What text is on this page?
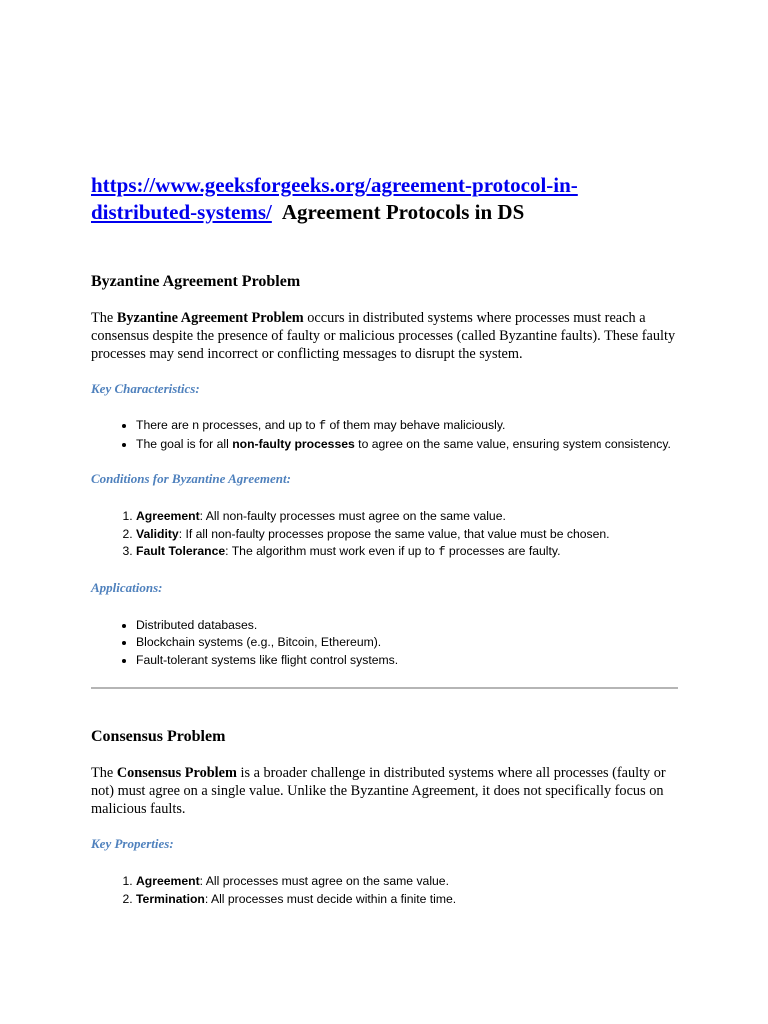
https://www.geeksforgeeks.org/agreement-protocol-in-
distributed-systems/ Agreement Protocols in DS

Byzantine Agreement Problem

The Byzantine Agreement Problem occurs in distributed systems where processes must reach a consensus despite the presence of faulty or malicious processes (called Byzantine faults). These faulty processes may send incorrect or conflicting messages to disrupt the system.

Key Characteristics:
• There are n processes, and up to f of them may behave maliciously.
• The goal is for all non-faulty processes to agree on the same value, ensuring system consistency.
Conditions for Byzantine Agreement:
1. Agreement: All non-faulty processes must agree on the same value.
2. Validity: If all non-faulty processes propose the same value, that value must be chosen.
3. Fault Tolerance: The algorithm must work even if up to f processes are faulty.
Applications:
• Distributed databases.
• Blockchain systems (e.g., Bitcoin, Ethereum).
• Fault-tolerant systems like flight control systems.
Consensus Problem

The Consensus Problem is a broader challenge in distributed systems where all processes (faulty or not) must agree on a single value. Unlike the Byzantine Agreement, it does not specifically focus on malicious faults.

Key Properties:
1. Agreement: All processes must agree on the same value.
2. Termination: All processes must decide within a finite time.
